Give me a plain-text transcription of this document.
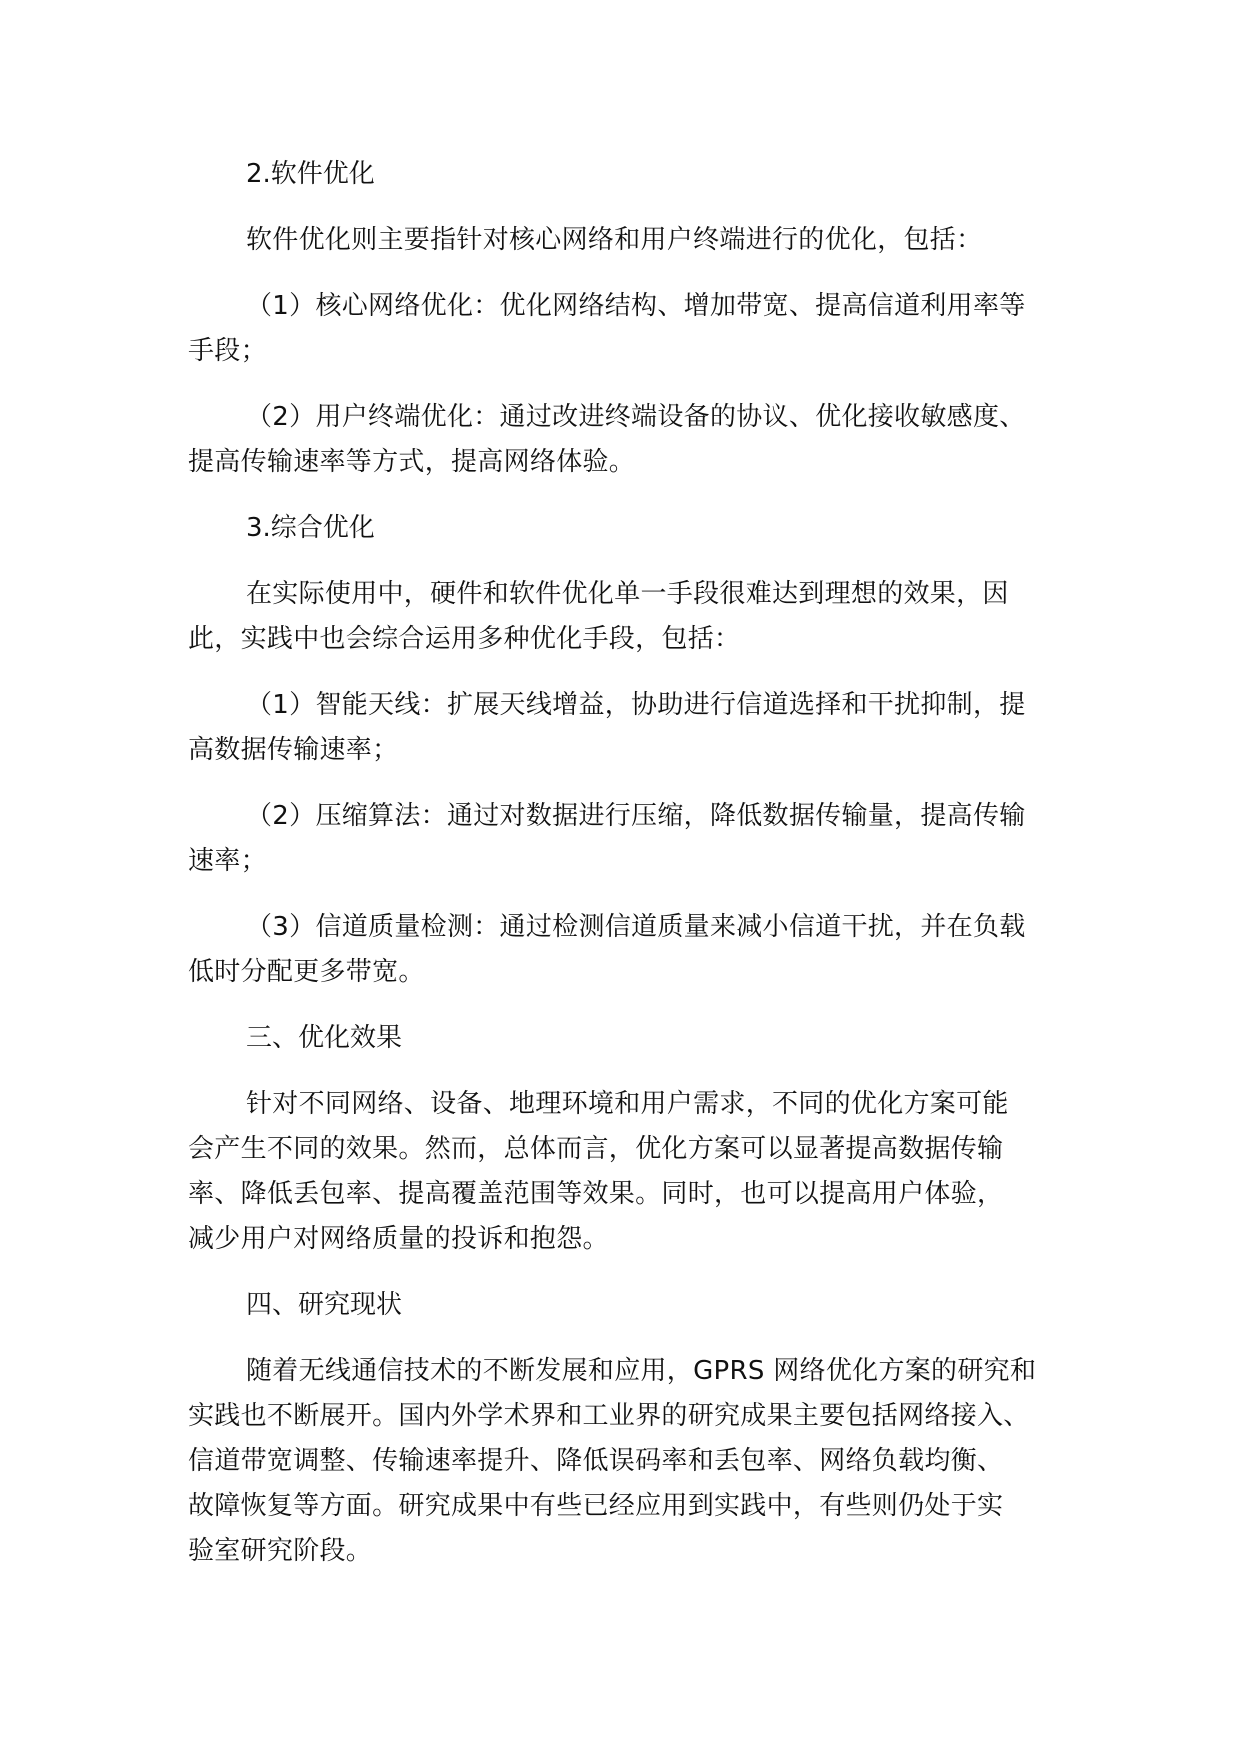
2.软件优化
软件优化则主要指针对核心网络和用户终端进行的优化，包括：
（1）核心网络优化：优化网络结构、增加带宽、提高信道利用率等
手段；
（2）用户终端优化：通过改进终端设备的协议、优化接收敏感度、
提高传输速率等方式，提高网络体验。
3.综合优化
在实际使用中，硬件和软件优化单一手段很难达到理想的效果，因
此，实践中也会综合运用多种优化手段，包括：
（1）智能天线：扩展天线增益，协助进行信道选择和干扰抑制，提
高数据传输速率；
（2）压缩算法：通过对数据进行压缩，降低数据传输量，提高传输
速率；
（3）信道质量检测：通过检测信道质量来减小信道干扰，并在负载
低时分配更多带宽。
三、优化效果
针对不同网络、设备、地理环境和用户需求，不同的优化方案可能
会产生不同的效果。然而，总体而言，优化方案可以显著提高数据传输
率、降低丢包率、提高覆盖范围等效果。同时，也可以提高用户体验，
减少用户对网络质量的投诉和抱怨。
四、研究现状
随着无线通信技术的不断发展和应用，GPRS 网络优化方案的研究和
实践也不断展开。国内外学术界和工业界的研究成果主要包括网络接入、
信道带宽调整、传输速率提升、降低误码率和丢包率、网络负载均衡、
故障恢复等方面。研究成果中有些已经应用到实践中，有些则仍处于实
验室研究阶段。
